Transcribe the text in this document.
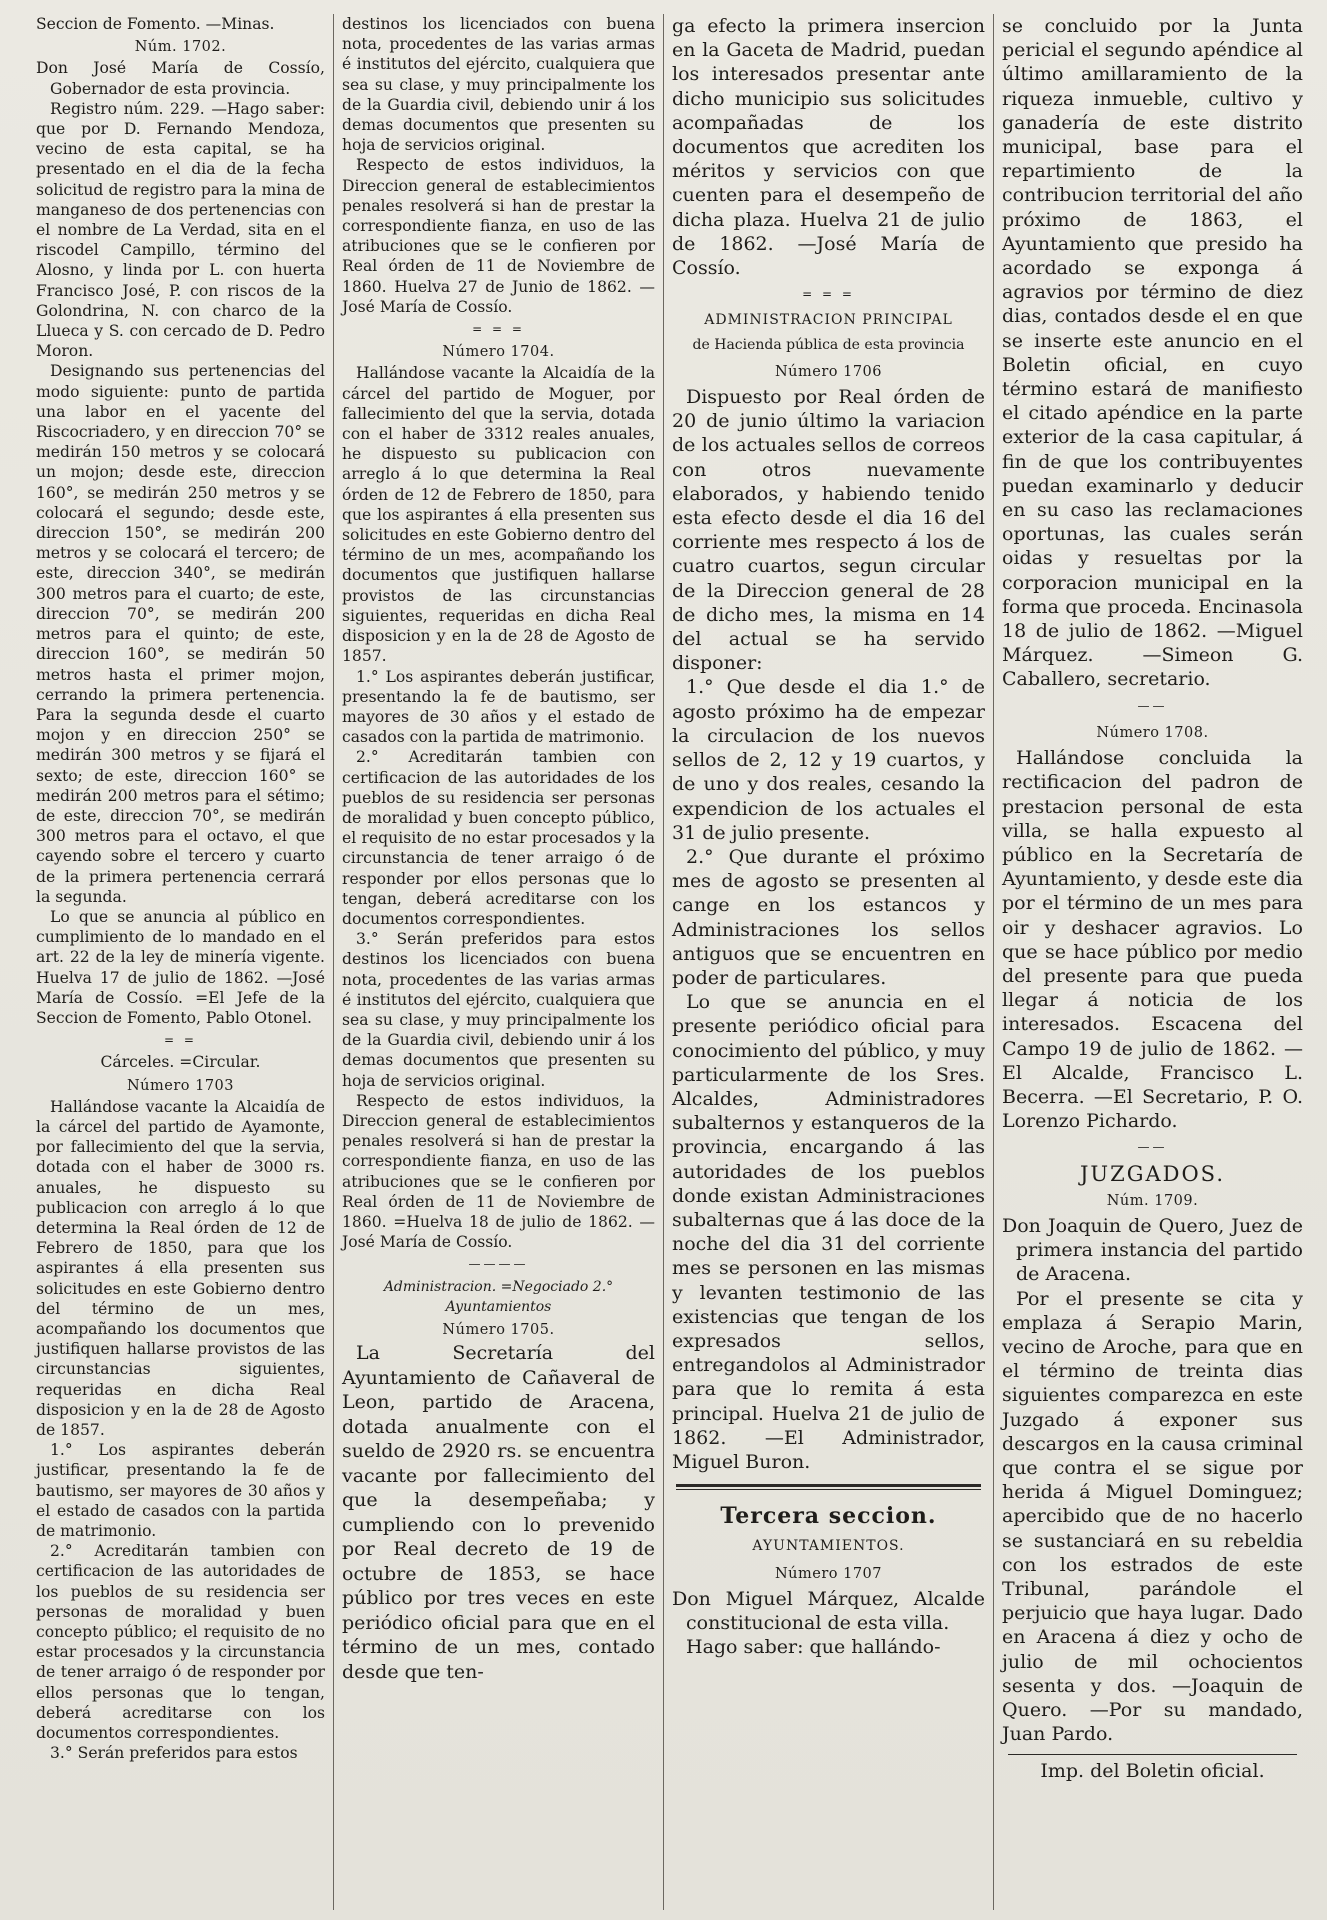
Seccion de Fomento. —Minas.

Núm. 1702.

Don José María de Cossío, Gobernador de esta provincia.

Registro núm. 229. —Hago saber: que por D. Fernando Mendoza, vecino de esta capital, se ha presentado en el dia de la fecha solicitud de registro para la mina de manganeso de dos pertenencias con el nombre de La Verdad, sita en el riscodel Campillo, término del Alosno, y linda por L. con huerta Francisco José, P. con riscos de la Golondrina, N. con charco de la Llueca y S. con cercado de D. Pedro Moron.

Designando sus pertenencias del modo siguiente: punto de partida una labor en el yacente del Riscocriadero, y en direccion 70° se medirán 150 metros y se colocará un mojon; desde este, direccion 160°, se medirán 250 metros y se colocará el segundo; desde este, direccion 150°, se medirán 200 metros y se colocará el tercero; de este, direccion 340°, se medirán 300 metros para el cuarto; de este, direccion 70°, se medirán 200 metros para el quinto; de este, direccion 160°, se medirán 50 metros hasta el primer mojon, cerrando la primera pertenencia. Para la segunda desde el cuarto mojon y en direccion 250° se medirán 300 metros y se fijará el sexto; de este, direccion 160° se medirán 200 metros para el sétimo; de este, direccion 70°, se medirán 300 metros para el octavo, el que cayendo sobre el tercero y cuarto de la primera pertenencia cerrará la segunda.

Lo que se anuncia al público en cumplimiento de lo mandado en el art. 22 de la ley de minería vigente. Huelva 17 de julio de 1862. —José María de Cossío. =El Jefe de la Seccion de Fomento, Pablo Otonel.

= =

Cárceles. =Circular.

Número 1703

Hallándose vacante la Alcaidía de la cárcel del partido de Ayamonte, por fallecimiento del que la servia, dotada con el haber de 3000 rs. anuales, he dispuesto su publicacion con arreglo á lo que determina la Real órden de 12 de Febrero de 1850, para que los aspirantes á ella presenten sus solicitudes en este Gobierno dentro del término de un mes, acompañando los documentos que justifiquen hallarse provistos de las circunstancias siguientes, requeridas en dicha Real disposicion y en la de 28 de Agosto de 1857.

1.° Los aspirantes deberán justificar, presentando la fe de bautismo, ser mayores de 30 años y el estado de casados con la partida de matrimonio.

2.° Acreditarán tambien con certificacion de las autoridades de los pueblos de su residencia ser personas de moralidad y buen concepto público; el requisito de no estar procesados y la circunstancia de tener arraigo ó de responder por ellos personas que lo tengan, deberá acreditarse con los documentos correspondientes.

3.° Serán preferidos para estos

destinos los licenciados con buena nota, procedentes de las varias armas é institutos del ejército, cualquiera que sea su clase, y muy principalmente los de la Guardia civil, debiendo unir á los demas documentos que presenten su hoja de servicios original.

Respecto de estos individuos, la Direccion general de establecimientos penales resolverá si han de prestar la correspondiente fianza, en uso de las atribuciones que se le confieren por Real órden de 11 de Noviembre de 1860. Huelva 27 de Junio de 1862. —José María de Cossío.

= = =

Número 1704.

Hallándose vacante la Alcaidía de la cárcel del partido de Moguer, por fallecimiento del que la servia, dotada con el haber de 3312 reales anuales, he dispuesto su publicacion con arreglo á lo que determina la Real órden de 12 de Febrero de 1850, para que los aspirantes á ella presenten sus solicitudes en este Gobierno dentro del término de un mes, acompañando los documentos que justifiquen hallarse provistos de las circunstancias siguientes, requeridas en dicha Real disposicion y en la de 28 de Agosto de 1857.

1.° Los aspirantes deberán justificar, presentando la fe de bautismo, ser mayores de 30 años y el estado de casados con la partida de matrimonio.

2.° Acreditarán tambien con certificacion de las autoridades de los pueblos de su residencia ser personas de moralidad y buen concepto público, el requisito de no estar procesados y la circunstancia de tener arraigo ó de responder por ellos personas que lo tengan, deberá acreditarse con los documentos correspondientes.

3.° Serán preferidos para estos destinos los licenciados con buena nota, procedentes de las varias armas é institutos del ejército, cualquiera que sea su clase, y muy principalmente los de la Guardia civil, debiendo unir á los demas documentos que presenten su hoja de servicios original.

Respecto de estos individuos, la Direccion general de establecimientos penales resolverá si han de prestar la correspondiente fianza, en uso de las atribuciones que se le confieren por Real órden de 11 de Noviembre de 1860. =Huelva 18 de julio de 1862. —José María de Cossío.

————

Administracion. =Negociado 2.°

Ayuntamientos

Número 1705.

La Secretaría del Ayuntamiento de Cañaveral de Leon, partido de Aracena, dotada anualmente con el sueldo de 2920 rs. se encuentra vacante por fallecimiento del que la desempeñaba; y cumpliendo con lo prevenido por Real decreto de 19 de octubre de 1853, se hace público por tres veces en este periódico oficial para que en el término de un mes, contado desde que ten-

ga efecto la primera insercion en la Gaceta de Madrid, puedan los interesados presentar ante dicho municipio sus solicitudes acompañadas de los documentos que acrediten los méritos y servicios con que cuenten para el desempeño de dicha plaza. Huelva 21 de julio de 1862. —José María de Cossío.

= = =

ADMINISTRACION PRINCIPAL

de Hacienda pública de esta provincia

Número 1706

Dispuesto por Real órden de 20 de junio último la variacion de los actuales sellos de correos con otros nuevamente elaborados, y habiendo tenido esta efecto desde el dia 16 del corriente mes respecto á los de cuatro cuartos, segun circular de la Direccion general de 28 de dicho mes, la misma en 14 del actual se ha servido disponer:

1.° Que desde el dia 1.° de agosto próximo ha de empezar la circulacion de los nuevos sellos de 2, 12 y 19 cuartos, y de uno y dos reales, cesando la expendicion de los actuales el 31 de julio presente.

2.° Que durante el próximo mes de agosto se presenten al cange en los estancos y Administraciones los sellos antiguos que se encuentren en poder de particulares.

Lo que se anuncia en el presente periódico oficial para conocimiento del público, y muy particularmente de los Sres. Alcaldes, Administradores subalternos y estanqueros de la provincia, encargando á las autoridades de los pueblos donde existan Administraciones subalternas que á las doce de la noche del dia 31 del corriente mes se personen en las mismas y levanten testimonio de las existencias que tengan de los expresados sellos, entregandolos al Administrador para que lo remita á esta principal. Huelva 21 de julio de 1862. —El Administrador, Miguel Buron.

Tercera seccion.

AYUNTAMIENTOS.

Número 1707

Don Miguel Márquez, Alcalde constitucional de esta villa.

Hago saber: que hallándo-

se concluido por la Junta pericial el segundo apéndice al último amillaramiento de la riqueza inmueble, cultivo y ganadería de este distrito municipal, base para el repartimiento de la contribucion territorial del año próximo de 1863, el Ayuntamiento que presido ha acordado se exponga á agravios por término de diez dias, contados desde el en que se inserte este anuncio en el Boletin oficial, en cuyo término estará de manifiesto el citado apéndice en la parte exterior de la casa capitular, á fin de que los contribuyentes puedan examinarlo y deducir en su caso las reclamaciones oportunas, las cuales serán oidas y resueltas por la corporacion municipal en la forma que proceda. Encinasola 18 de julio de 1862. —Miguel Márquez. —Simeon G. Caballero, secretario.

——

Número 1708.

Hallándose concluida la rectificacion del padron de prestacion personal de esta villa, se halla expuesto al público en la Secretaría de Ayuntamiento, y desde este dia por el término de un mes para oir y deshacer agravios. Lo que se hace público por medio del presente para que pueda llegar á noticia de los interesados. Escacena del Campo 19 de julio de 1862. —El Alcalde, Francisco L. Becerra. —El Secretario, P. O. Lorenzo Pichardo.

——

JUZGADOS.

Núm. 1709.

Don Joaquin de Quero, Juez de primera instancia del partido de Aracena.

Por el presente se cita y emplaza á Serapio Marin, vecino de Aroche, para que en el término de treinta dias siguientes comparezca en este Juzgado á exponer sus descargos en la causa criminal que contra el se sigue por herida á Miguel Dominguez; apercibido que de no hacerlo se sustanciará en su rebeldia con los estrados de este Tribunal, parándole el perjuicio que haya lugar. Dado en Aracena á diez y ocho de julio de mil ochocientos sesenta y dos. —Joaquin de Quero. —Por su mandado, Juan Pardo.

Imp. del Boletin oficial.
